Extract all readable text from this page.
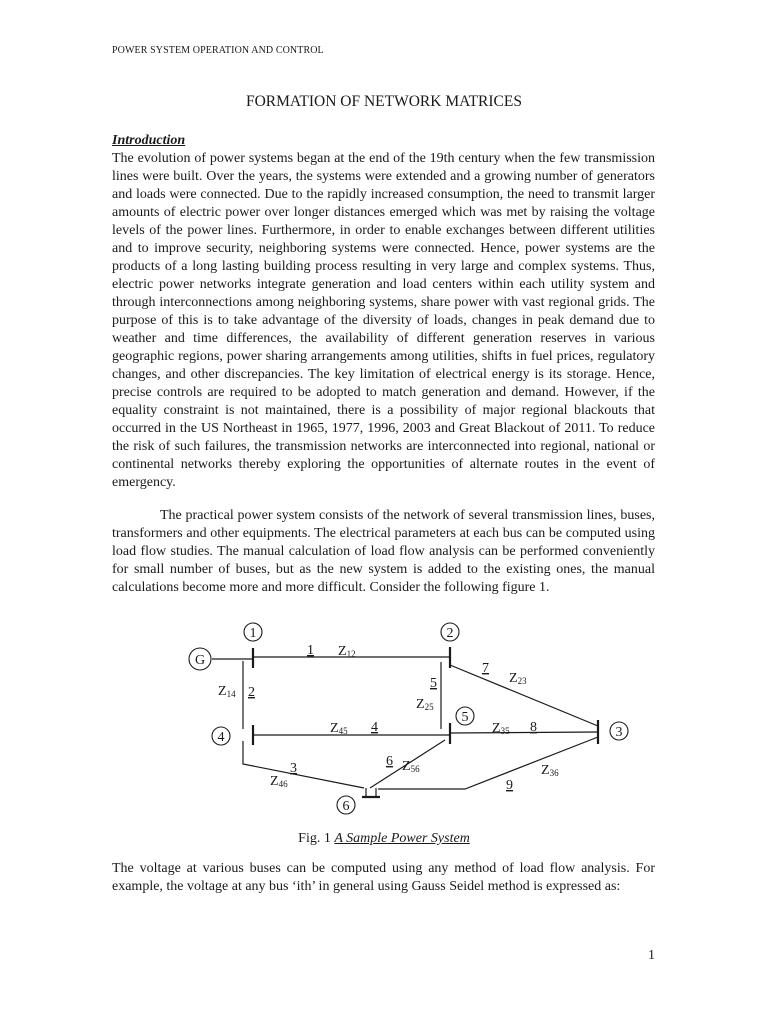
POWER SYSTEM OPERATION AND CONTROL
FORMATION OF NETWORK MATRICES
Introduction

The evolution of power systems began at the end of the 19th century when the few transmission lines were built. Over the years, the systems were extended and a growing number of generators and loads were connected. Due to the rapidly increased consumption, the need to transmit larger amounts of electric power over longer distances emerged which was met by raising the voltage levels of the power lines. Furthermore, in order to enable exchanges between different utilities and to improve security, neighboring systems were connected. Hence, power systems are the products of a long lasting building process resulting in very large and complex systems. Thus, electric power networks integrate generation and load centers within each utility system and through interconnections among neighboring systems, share power with vast regional grids. The purpose of this is to take advantage of the diversity of loads, changes in peak demand due to weather and time differences, the availability of different generation reserves in various geographic regions, power sharing arrangements among utilities, shifts in fuel prices, regulatory changes, and other discrepancies. The key limitation of electrical energy is its storage. Hence, precise controls are required to be adopted to match generation and demand. However, if the equality constraint is not maintained, there is a possibility of major regional blackouts that occurred in the US Northeast in 1965, 1977, 1996, 2003 and Great Blackout of 2011. To reduce the risk of such failures, the transmission networks are interconnected into regional, national or continental networks thereby exploring the opportunities of alternate routes in the event of emergency.

The practical power system consists of the network of several transmission lines, buses, transformers and other equipments. The electrical parameters at each bus can be computed using load flow studies. The manual calculation of load flow analysis can be performed conveniently for small number of buses, but as the new system is added to the existing ones, the manual calculations become more and more difficult. Consider the following figure 1.

G
1	2
3
4
5
6
1
2
3
4
5
6
7
8
9
Z12
Z14
Z25
Z23
Z45	Z35
Z56	Z36
Z46
Fig. 1 A Sample Power System

The voltage at various buses can be computed using any method of load flow analysis. For example, the voltage at any bus ‘ith’ in general using Gauss Seidel method is expressed as:

1
